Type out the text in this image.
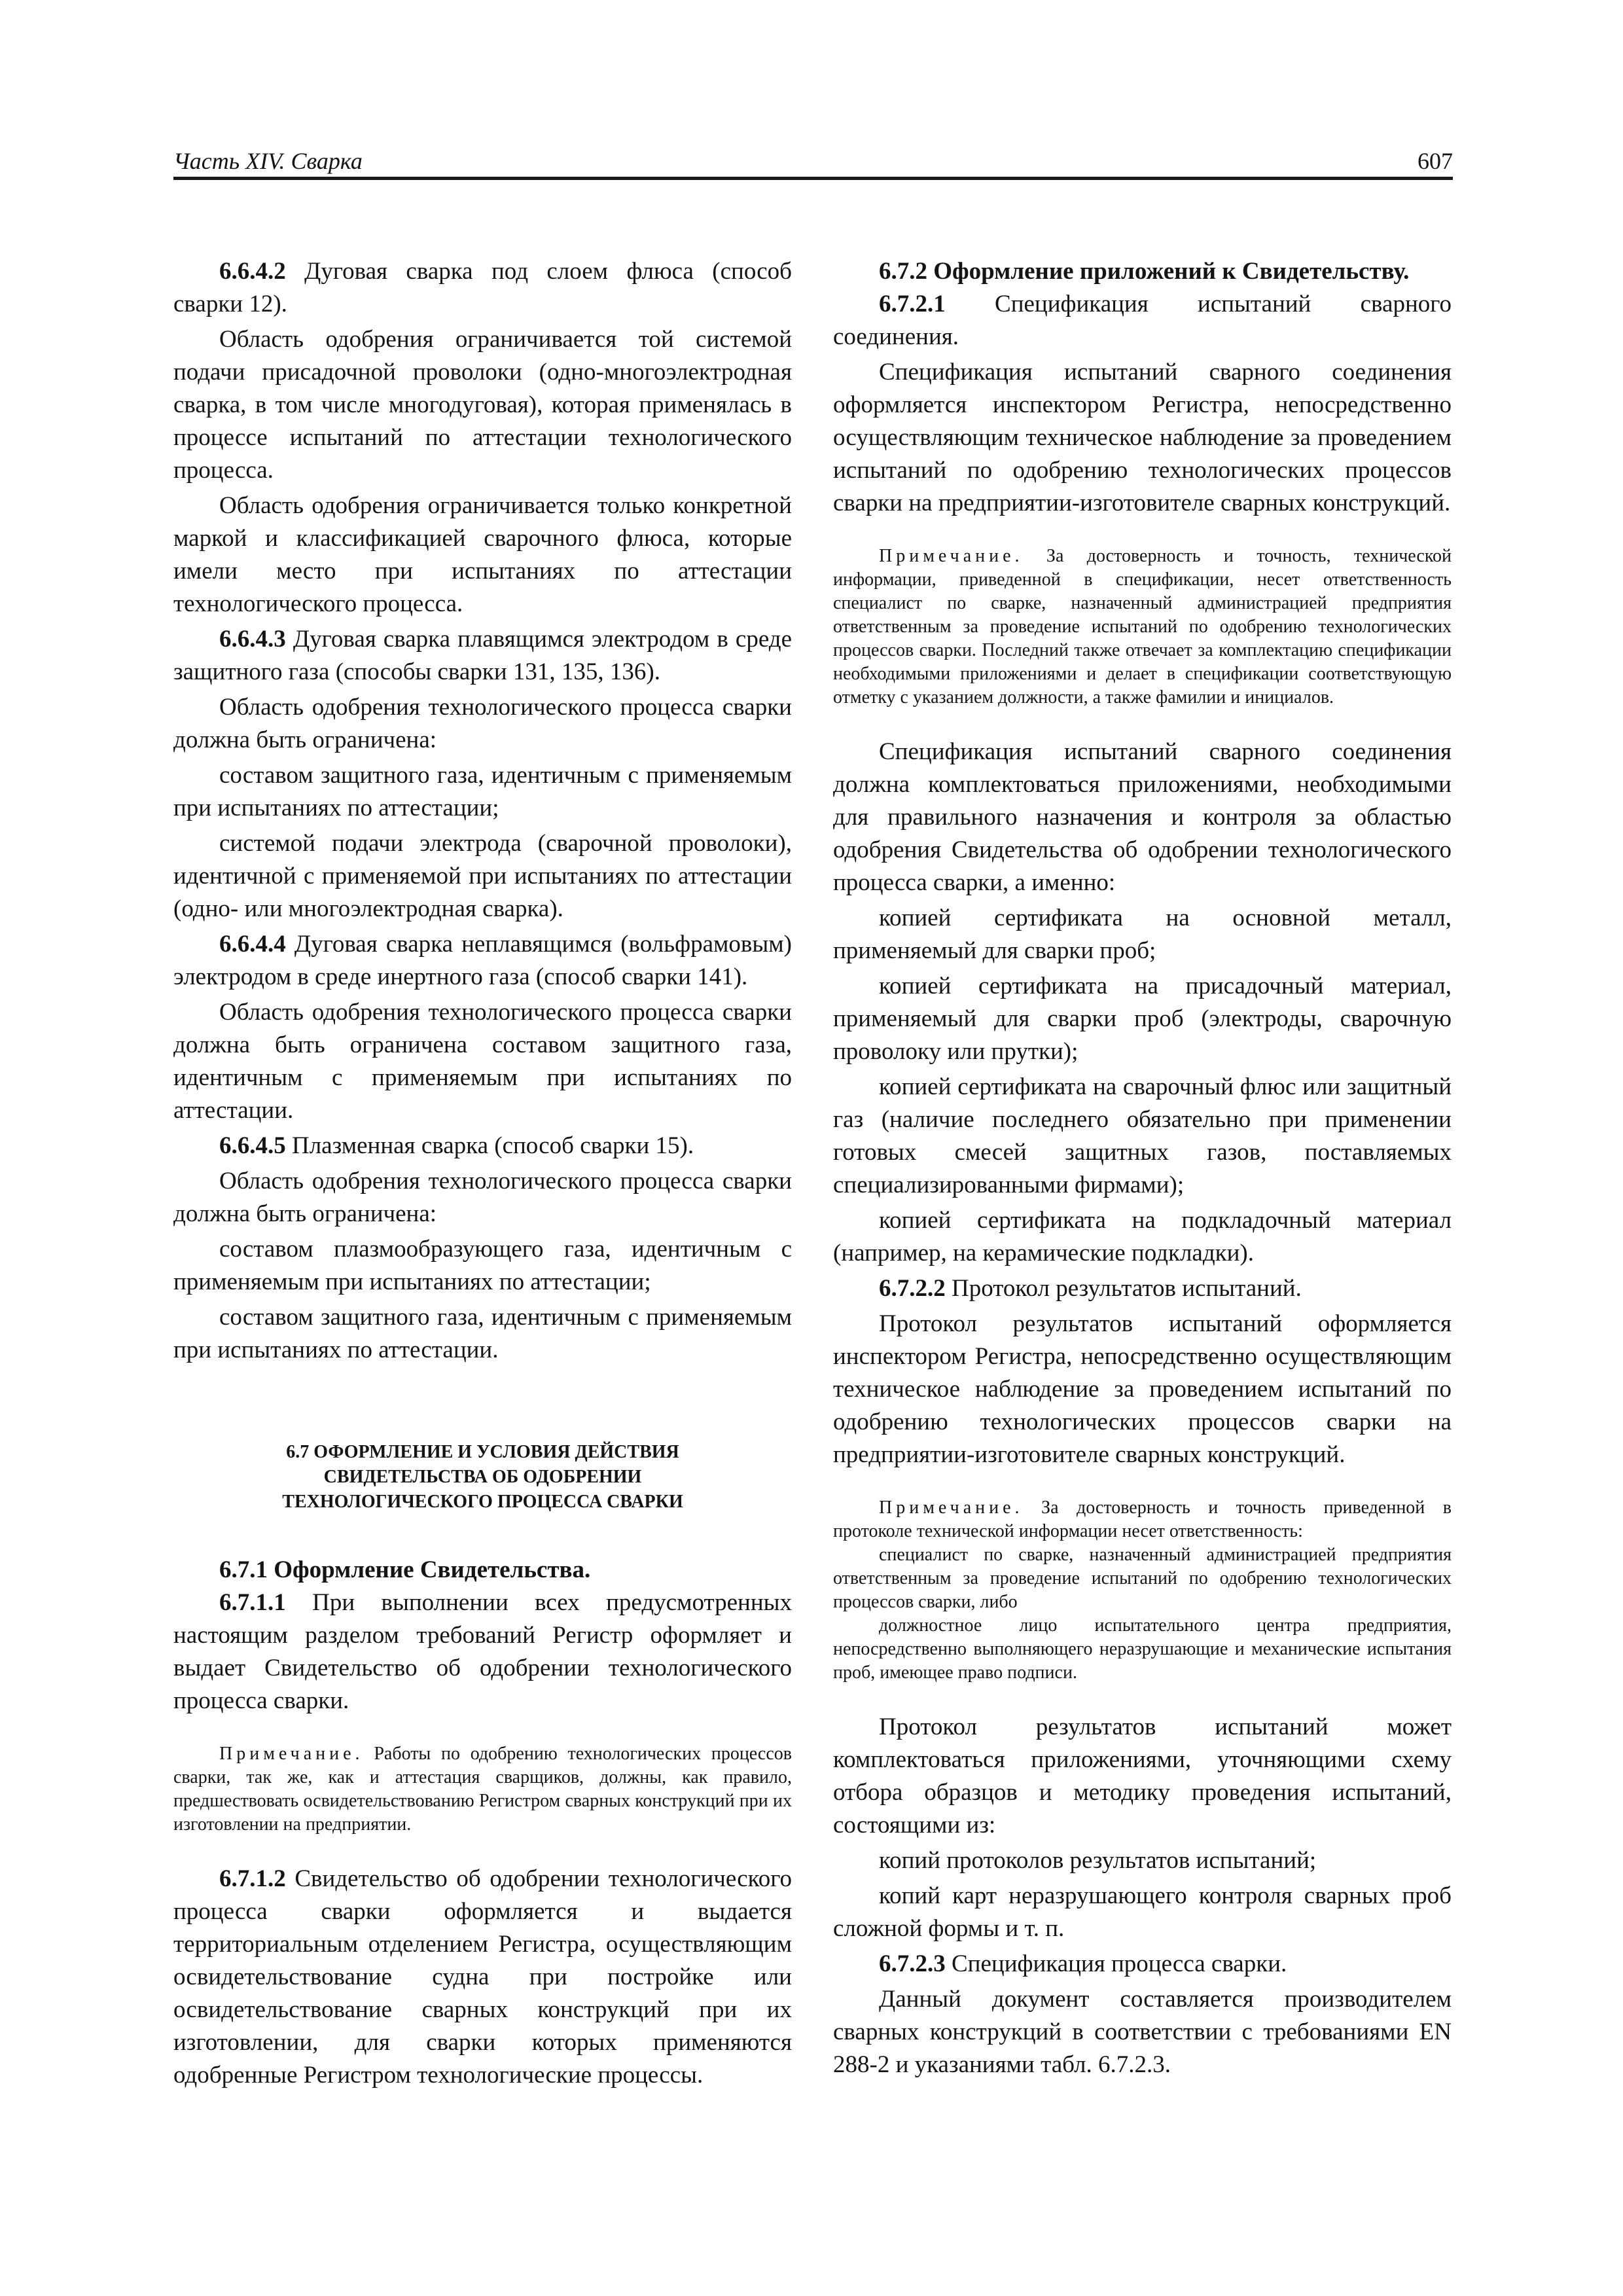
Часть XIV. Сварка	607

6.6.4.2 Дуговая сварка под слоем флюса (способ сварки 12).

Область одобрения ограничивается той системой подачи присадочной проволоки (одно-многоэлектродная сварка, в том числе многодуговая), которая применялась в процессе испытаний по аттестации технологического процесса.

Область одобрения ограничивается только конкретной маркой и классификацией сварочного флюса, которые имели место при испытаниях по аттестации технологического процесса.

6.6.4.3 Дуговая сварка плавящимся электродом в среде защитного газа (способы сварки 131, 135, 136).

Область одобрения технологического процесса сварки должна быть ограничена:

составом защитного газа, идентичным с применяемым при испытаниях по аттестации;

системой подачи электрода (сварочной проволоки), идентичной с применяемой при испытаниях по аттестации (одно- или многоэлектродная сварка).

6.6.4.4 Дуговая сварка неплавящимся (вольфрамовым) электродом в среде инертного газа (способ сварки 141).

Область одобрения технологического процесса сварки должна быть ограничена составом защитного газа, идентичным с применяемым при испытаниях по аттестации.

6.6.4.5 Плазменная сварка (способ сварки 15).

Область одобрения технологического процесса сварки должна быть ограничена:

составом плазмообразующего газа, идентичным с применяемым при испытаниях по аттестации;

составом защитного газа, идентичным с применяемым при испытаниях по аттестации.

6.7 ОФОРМЛЕНИЕ И УСЛОВИЯ ДЕЙСТВИЯ
СВИДЕТЕЛЬСТВА ОБ ОДОБРЕНИИ
ТЕХНОЛОГИЧЕСКОГО ПРОЦЕССА СВАРКИ

6.7.1 Оформление Свидетельства.

6.7.1.1 При выполнении всех предусмотренных настоящим разделом требований Регистр оформляет и выдает Свидетельство об одобрении технологического процесса сварки.

Примечание. Работы по одобрению технологических процессов сварки, так же, как и аттестация сварщиков, должны, как правило, предшествовать освидетельствованию Регистром сварных конструкций при их изготовлении на предприятии.

6.7.1.2 Свидетельство об одобрении технологического процесса сварки оформляется и выдается территориальным отделением Регистра, осуществляющим освидетельствование судна при постройке или освидетельствование сварных конструкций при их изготовлении, для сварки которых применяются одобренные Регистром технологические процессы.

6.7.2 Оформление приложений к Свидетельству.

6.7.2.1 Спецификация испытаний сварного соединения.

Спецификация испытаний сварного соединения оформляется инспектором Регистра, непосредственно осуществляющим техническое наблюдение за проведением испытаний по одобрению технологических процессов сварки на предприятии-изготовителе сварных конструкций.

Примечание. За достоверность и точность, технической информации, приведенной в спецификации, несет ответственность специалист по сварке, назначенный администрацией предприятия ответственным за проведение испытаний по одобрению технологических процессов сварки. Последний также отвечает за комплектацию спецификации необходимыми приложениями и делает в спецификации соответствующую отметку с указанием должности, а также фамилии и инициалов.

Спецификация испытаний сварного соединения должна комплектоваться приложениями, необходимыми для правильного назначения и контроля за областью одобрения Свидетельства об одобрении технологического процесса сварки, а именно:

копией сертификата на основной металл, применяемый для сварки проб;

копией сертификата на присадочный материал, применяемый для сварки проб (электроды, сварочную проволоку или прутки);

копией сертификата на сварочный флюс или защитный газ (наличие последнего обязательно при применении готовых смесей защитных газов, поставляемых специализированными фирмами);

копией сертификата на подкладочный материал (например, на керамические подкладки).

6.7.2.2 Протокол результатов испытаний.

Протокол результатов испытаний оформляется инспектором Регистра, непосредственно осуществляющим техническое наблюдение за проведением испытаний по одобрению технологических процессов сварки на предприятии-изготовителе сварных конструкций.

Примечание. За достоверность и точность приведенной в протоколе технической информации несет ответственность:

специалист по сварке, назначенный администрацией предприятия ответственным за проведение испытаний по одобрению технологических процессов сварки, либо

должностное лицо испытательного центра предприятия, непосредственно выполняющего неразрушающие и механические испытания проб, имеющее право подписи.

Протокол результатов испытаний может комплектоваться приложениями, уточняющими схему отбора образцов и методику проведения испытаний, состоящими из:

копий протоколов результатов испытаний;

копий карт неразрушающего контроля сварных проб сложной формы и т. п.

6.7.2.3 Спецификация процесса сварки.

Данный документ составляется производителем сварных конструкций в соответствии с требованиями EN 288-2 и указаниями табл. 6.7.2.3.
